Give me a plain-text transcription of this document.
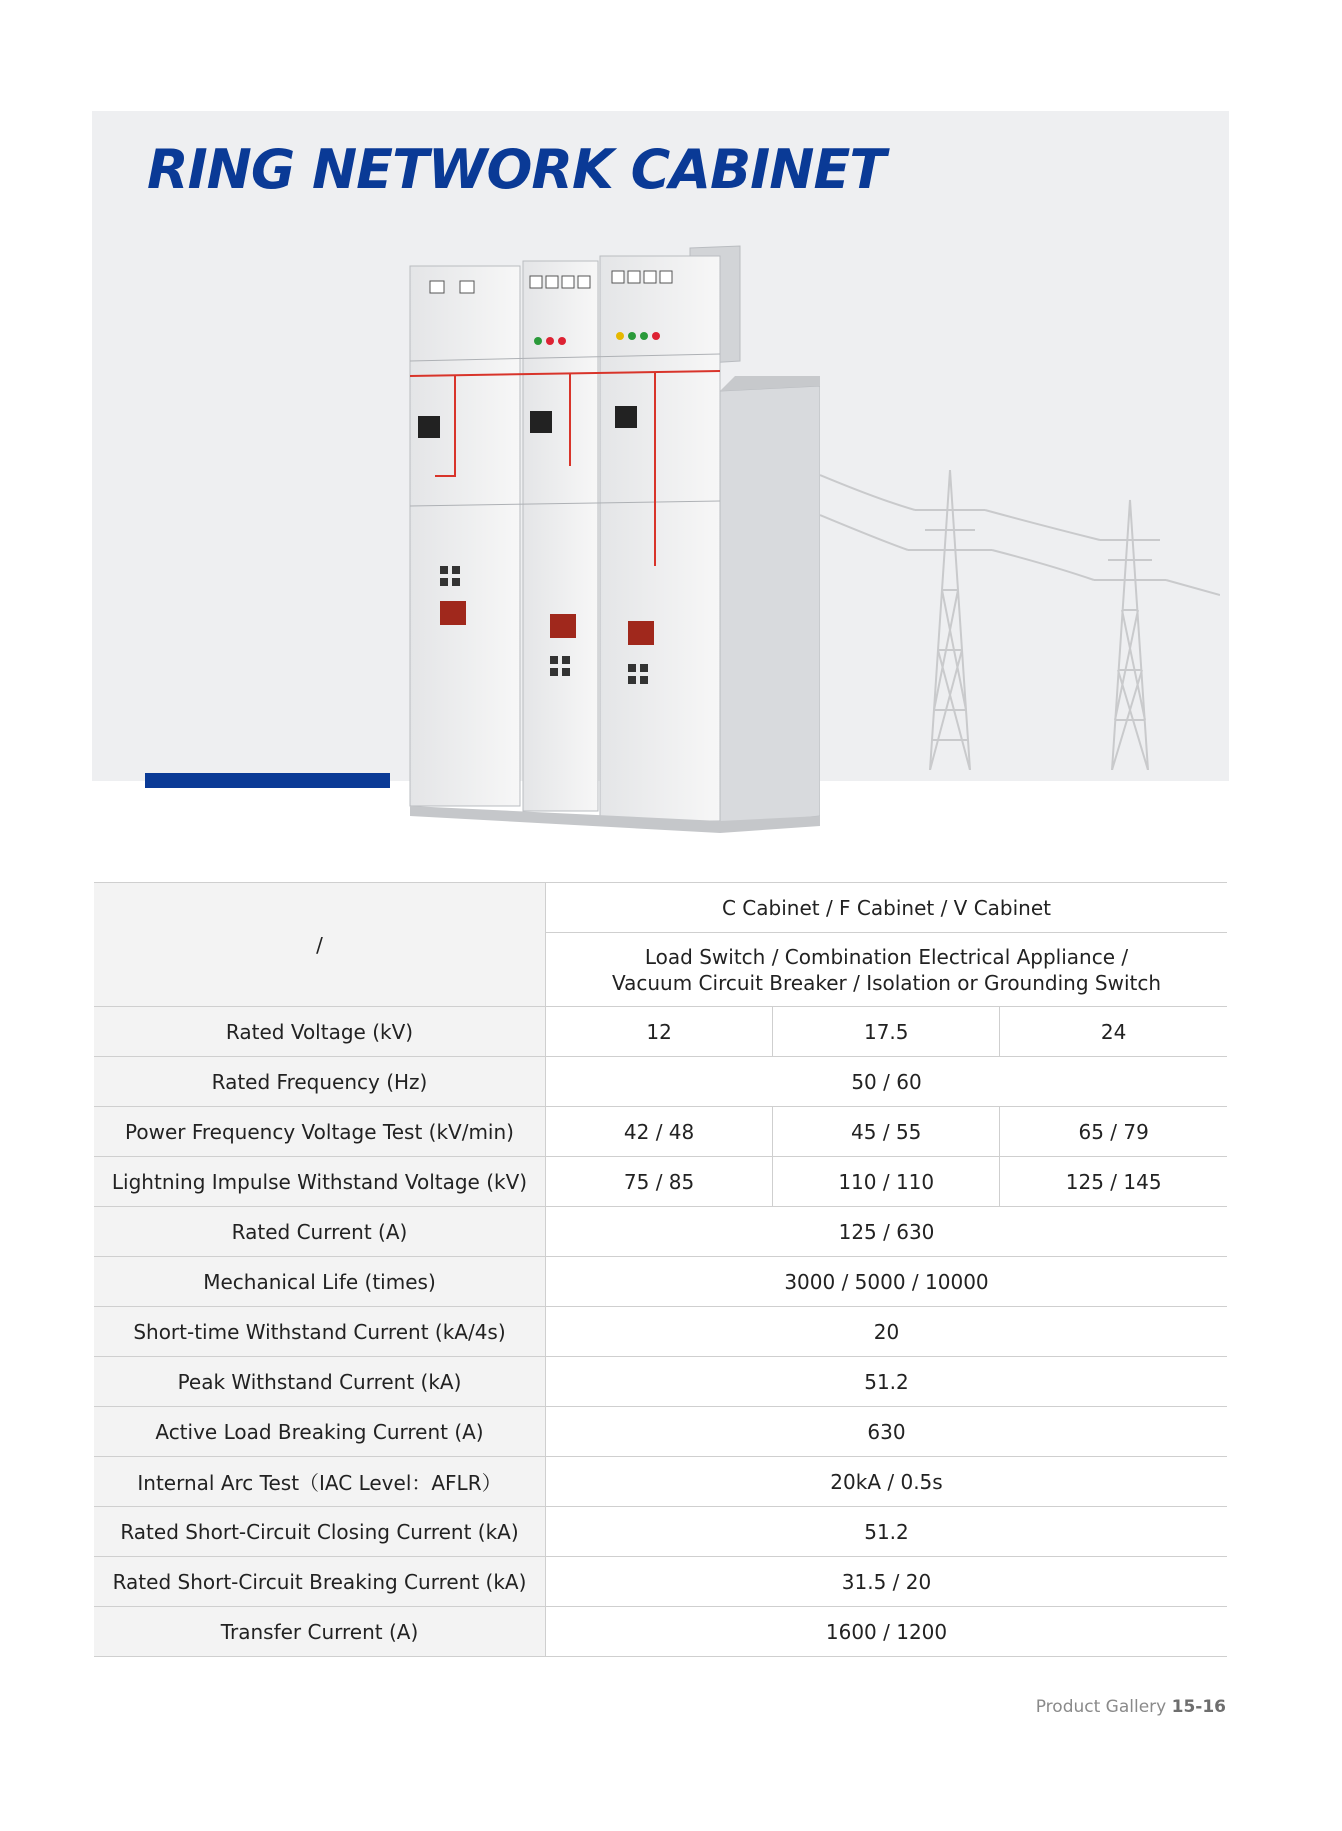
RING NETWORK CABINET
/	C Cabinet / F Cabinet / V Cabinet		
	Load Switch / Combination Electrical Appliance /
Vacuum Circuit Breaker / Isolation or Grounding Switch		
Rated Voltage (kV)	12	17.5	24
Rated Frequency (Hz)	50 / 60		
Power Frequency Voltage Test (kV/min)	42 / 48	45 / 55	65 / 79
Lightning Impulse Withstand Voltage (kV)	75 / 85	110 / 110	125 / 145
Rated Current (A)	125 / 630		
Mechanical Life (times)	3000 / 5000 / 10000		
Short-time Withstand Current (kA/4s)	20		
Peak Withstand Current (kA)	51.2		
Active Load Breaking Current (A)	630		
Internal Arc Test（IAC Level：AFLR）	20kA / 0.5s		
Rated Short-Circuit Closing Current (kA)	51.2		
Rated Short-Circuit Breaking Current (kA)	31.5 / 20		
Transfer Current (A)	1600 / 1200		
Product Gallery 15-16
